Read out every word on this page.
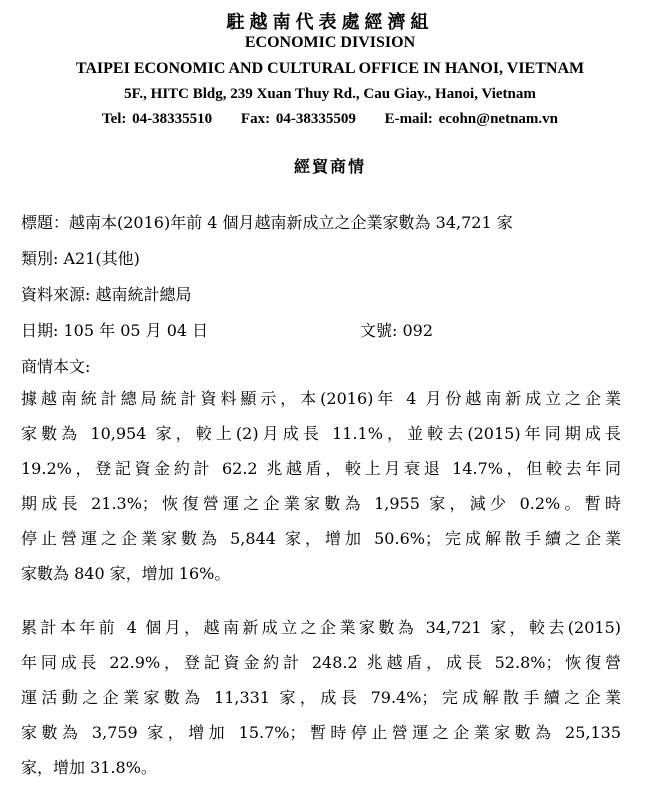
駐越南代表處經濟組
ECONOMIC DIVISION
TAIPEI ECONOMIC AND CULTURAL OFFICE IN HANOI, VIETNAM
5F., HITC Bldg, 239 Xuan Thuy Rd., Cau Giay., Hanoi, Vietnam
Tel: 04-38335510     Fax: 04-38335509     E-mail: ecohn@netnam.vn
經貿商情
標題：越南本(2016)年前 4 個月越南新成立之企業家數為 34,721 家
類別: A21(其他)
資料來源: 越南統計總局
日期: 105 年 05 月 04 日	文號: 092
商情本文:
據越南統計總局統計資料顯示，本(2016)年 4 月份越南新成立之企業
家數為 10,954 家，較上(2)月成長 11.1%，並較去(2015)年同期成長
19.2%，登記資金約計 62.2 兆越盾，較上月衰退 14.7%，但較去年同
期成長 21.3%；恢復營運之企業家數為 1,955 家，減少 0.2%。暫時
停止營運之企業家數為 5,844 家，增加 50.6%；完成解散手續之企業
家數為 840 家，增加 16%。
累計本年前 4 個月，越南新成立之企業家數為 34,721 家，較去(2015)
年同成長 22.9%，登記資金約計 248.2 兆越盾，成長 52.8%；恢復營
運活動之企業家數為 11,331 家，成長 79.4%；完成解散手續之企業
家數為 3,759 家，增加 15.7%；暫時停止營運之企業家數為 25,135
家，增加 31.8%。
